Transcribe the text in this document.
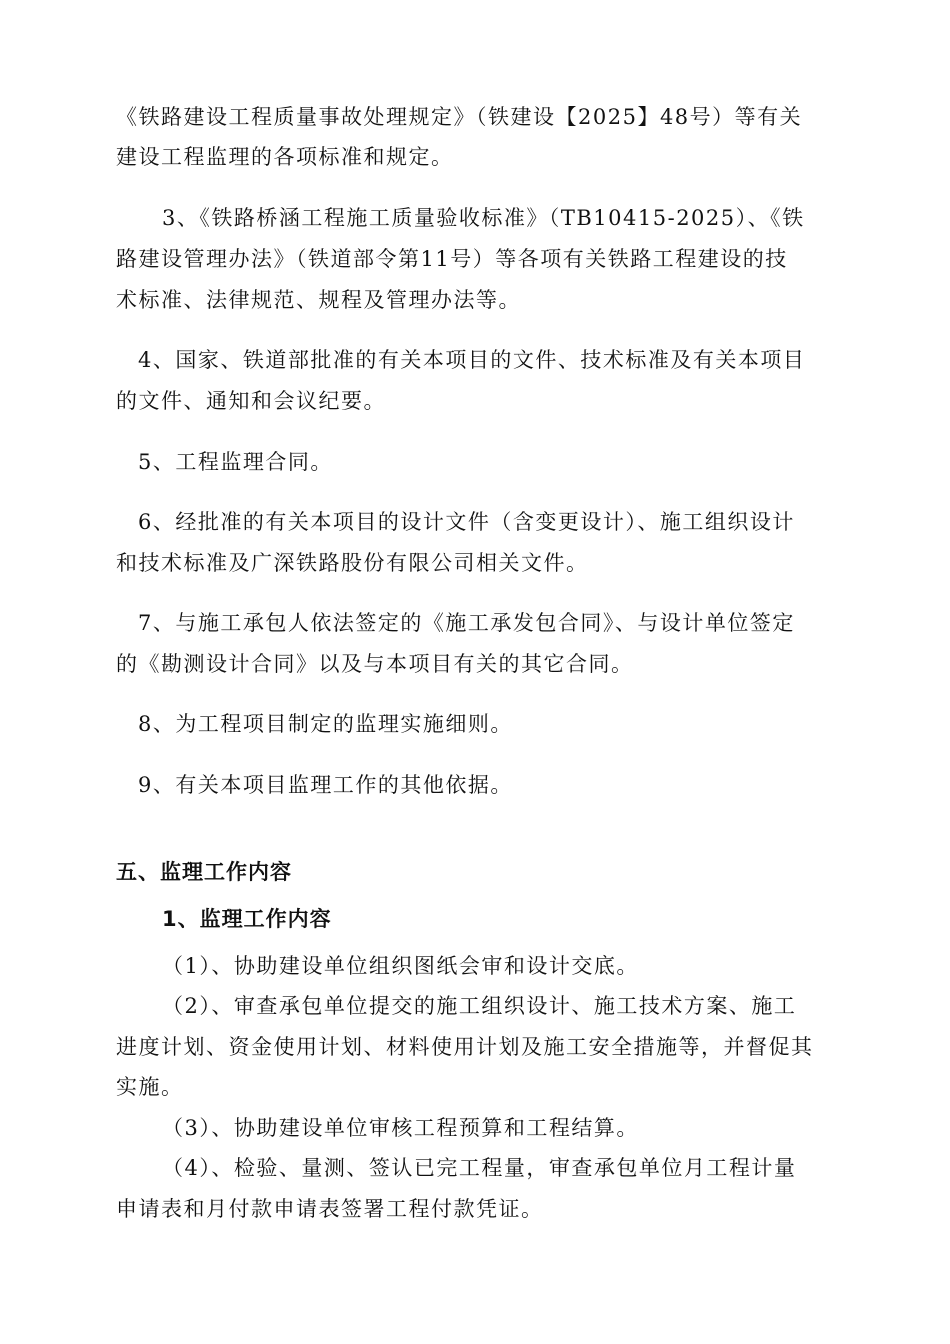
《铁路建设工程质量事故处理规定》（铁建设【2025】48号）等有关
建设工程监理的各项标准和规定。
3、《铁路桥涵工程施工质量验收标准》（TB10415-2025）、《铁
路建设管理办法》（铁道部令第11号）等各项有关铁路工程建设的技
术标准、法律规范、规程及管理办法等。
4、国家、铁道部批准的有关本项目的文件、技术标准及有关本项目
的文件、通知和会议纪要。
5、工程监理合同。
6、经批准的有关本项目的设计文件（含变更设计）、施工组织设计
和技术标准及广深铁路股份有限公司相关文件。
7、与施工承包人依法签定的《施工承发包合同》、与设计单位签定
的《勘测设计合同》以及与本项目有关的其它合同。
8、为工程项目制定的监理实施细则。
9、有关本项目监理工作的其他依据。
五、监理工作内容
1、监理工作内容
（1）、协助建设单位组织图纸会审和设计交底。
（2）、审查承包单位提交的施工组织设计、施工技术方案、施工
进度计划、资金使用计划、材料使用计划及施工安全措施等，并督促其
实施。
（3）、协助建设单位审核工程预算和工程结算。
（4）、检验、量测、签认已完工程量，审查承包单位月工程计量
申请表和月付款申请表签署工程付款凭证。
